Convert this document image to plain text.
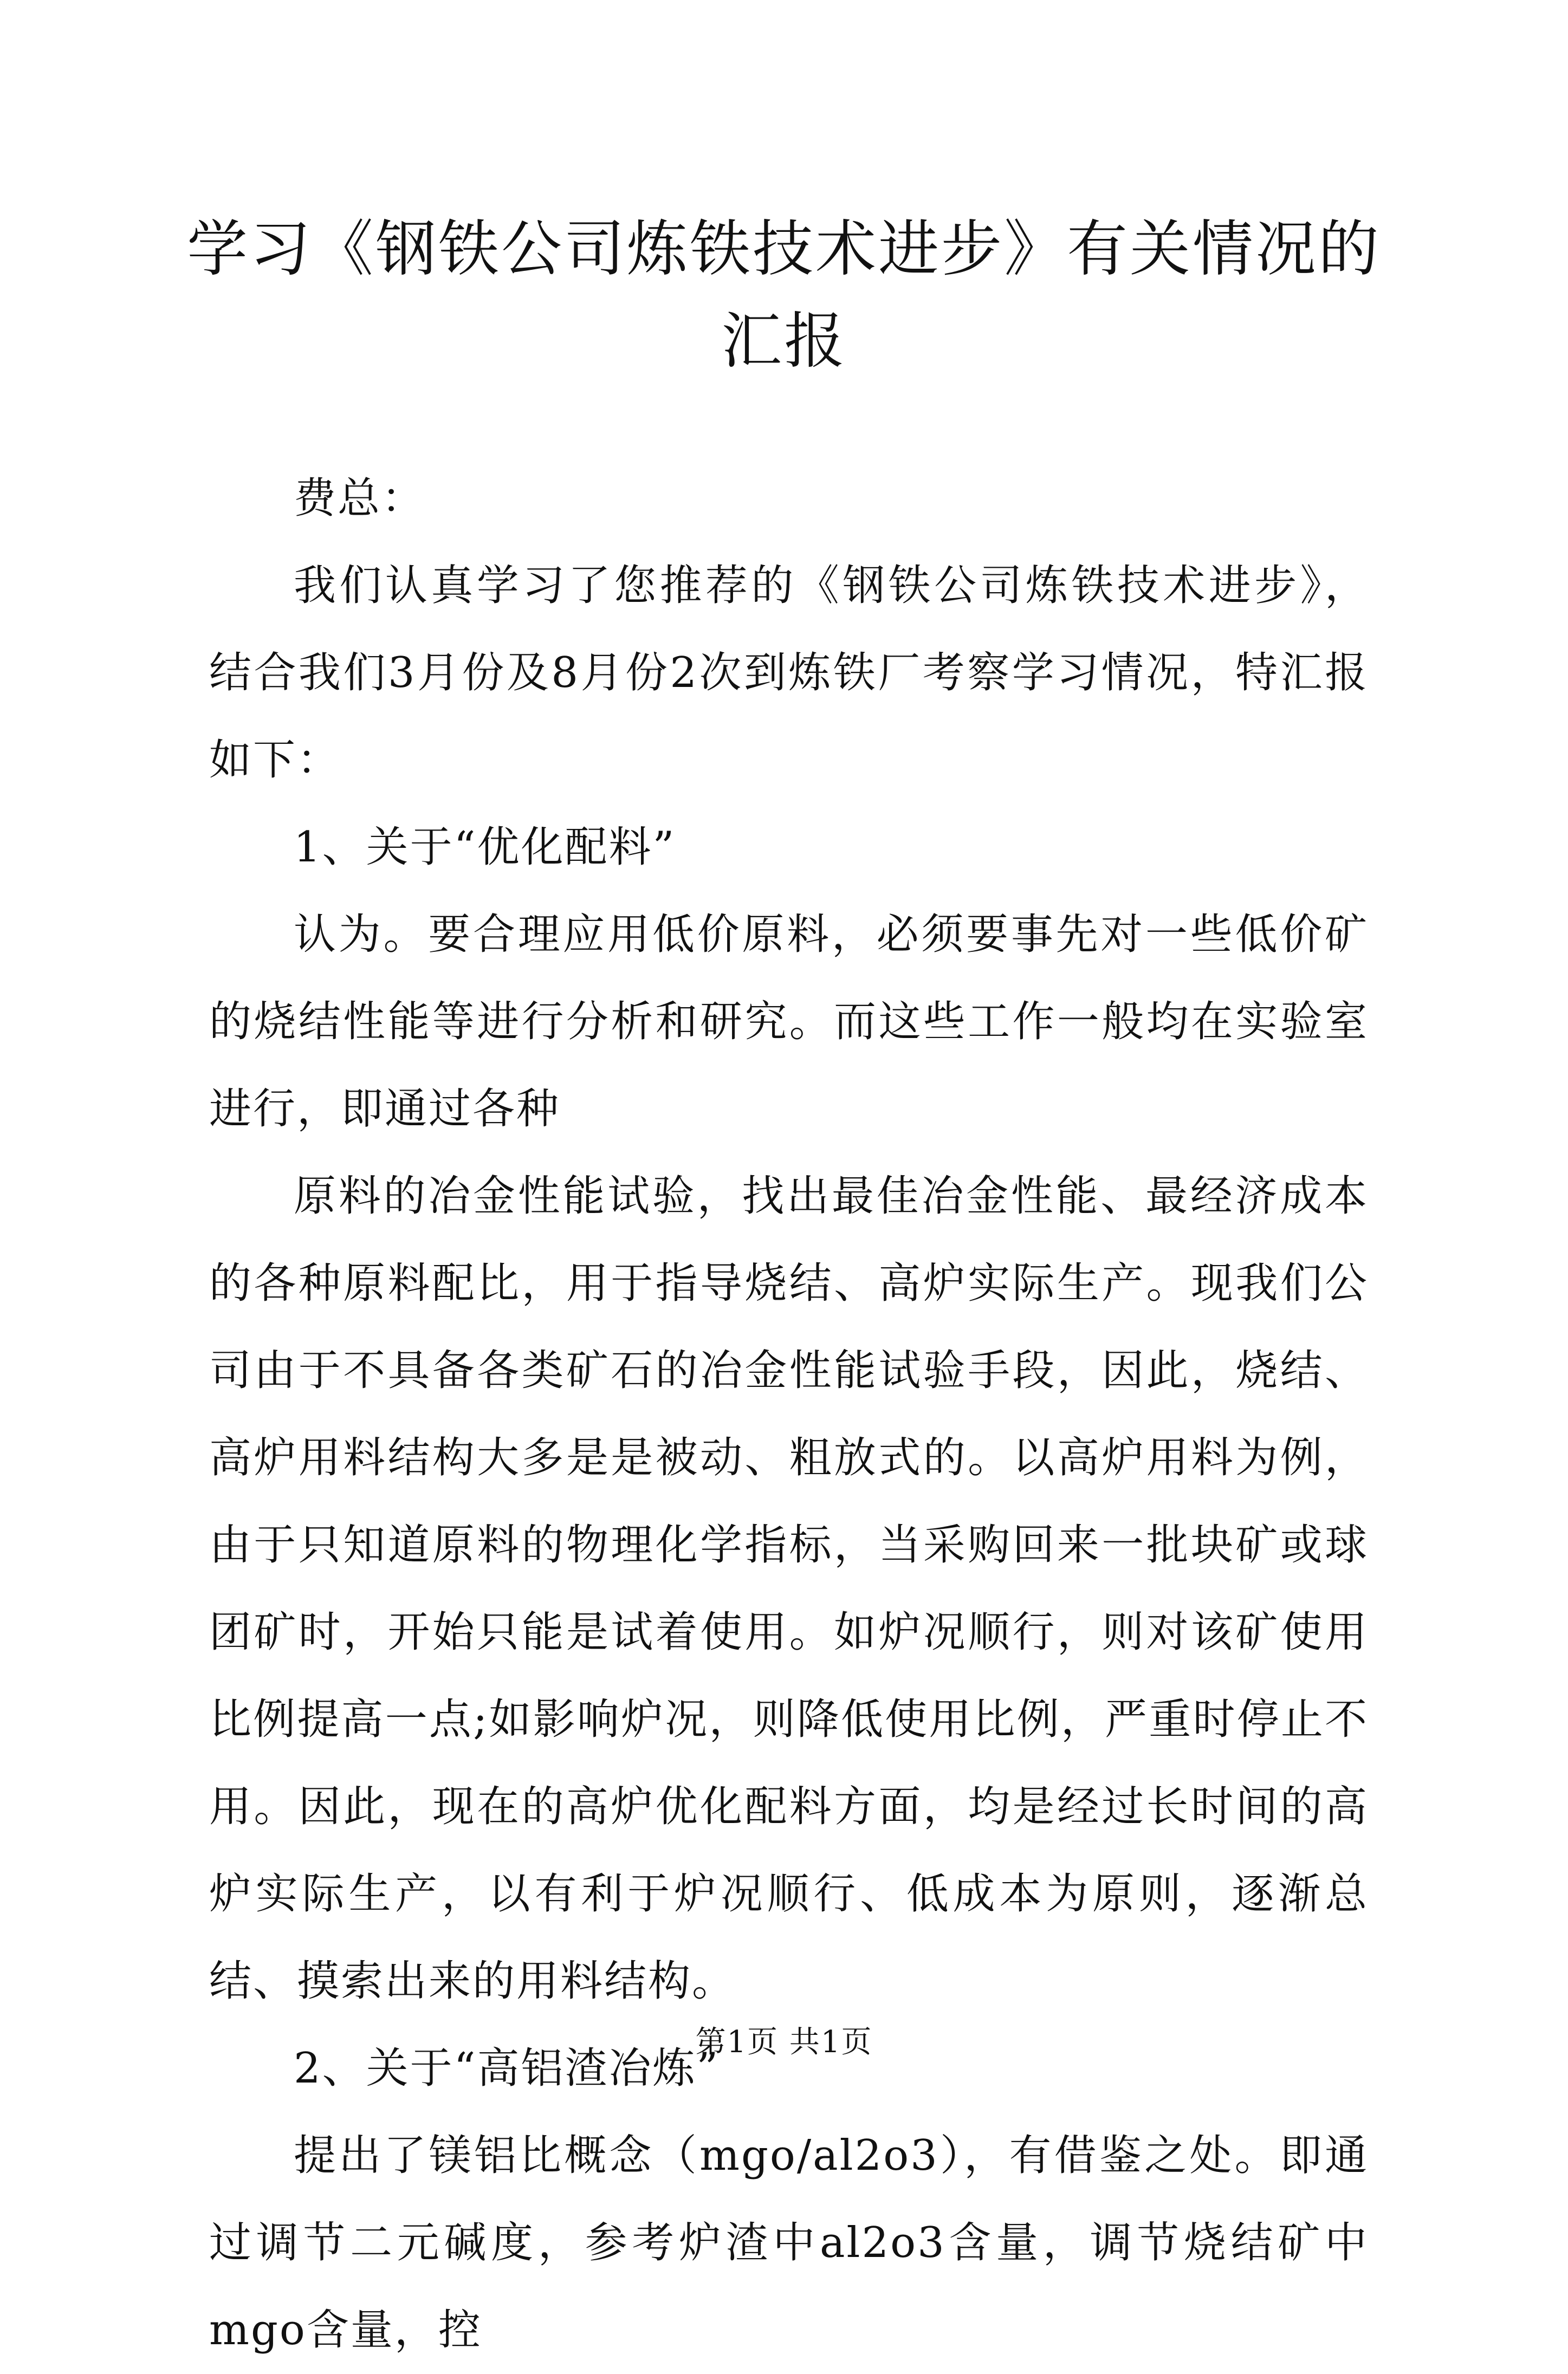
学习《钢铁公司炼铁技术进步》有关情况的汇报

费总：

我们认真学习了您推荐的《钢铁公司炼铁技术进步》，结合我们3月份及8月份2次到炼铁厂考察学习情况，特汇报如下：

1、关于“优化配料”

认为。要合理应用低价原料，必须要事先对一些低价矿的烧结性能等进行分析和研究。而这些工作一般均在实验室进行，即通过各种

原料的冶金性能试验，找出最佳冶金性能、最经济成本的各种原料配比，用于指导烧结、高炉实际生产。现我们公司由于不具备各类矿石的冶金性能试验手段，因此，烧结、高炉用料结构大多是是被动、粗放式的。以高炉用料为例，由于只知道原料的物理化学指标，当采购回来一批块矿或球团矿时，开始只能是试着使用。如炉况顺行，则对该矿使用比例提高一点;如影响炉况，则降低使用比例，严重时停止不用。因此，现在的高炉优化配料方面，均是经过长时间的高炉实际生产，以有利于炉况顺行、低成本为原则，逐渐总结、摸索出来的用料结构。

2、关于“高铝渣冶炼”

提出了镁铝比概念（mgo/al2o3），有借鉴之处。即通过调节二元碱度，参考炉渣中al2o3含量，调节烧结矿中mgo含量，控

第1页 共1页
